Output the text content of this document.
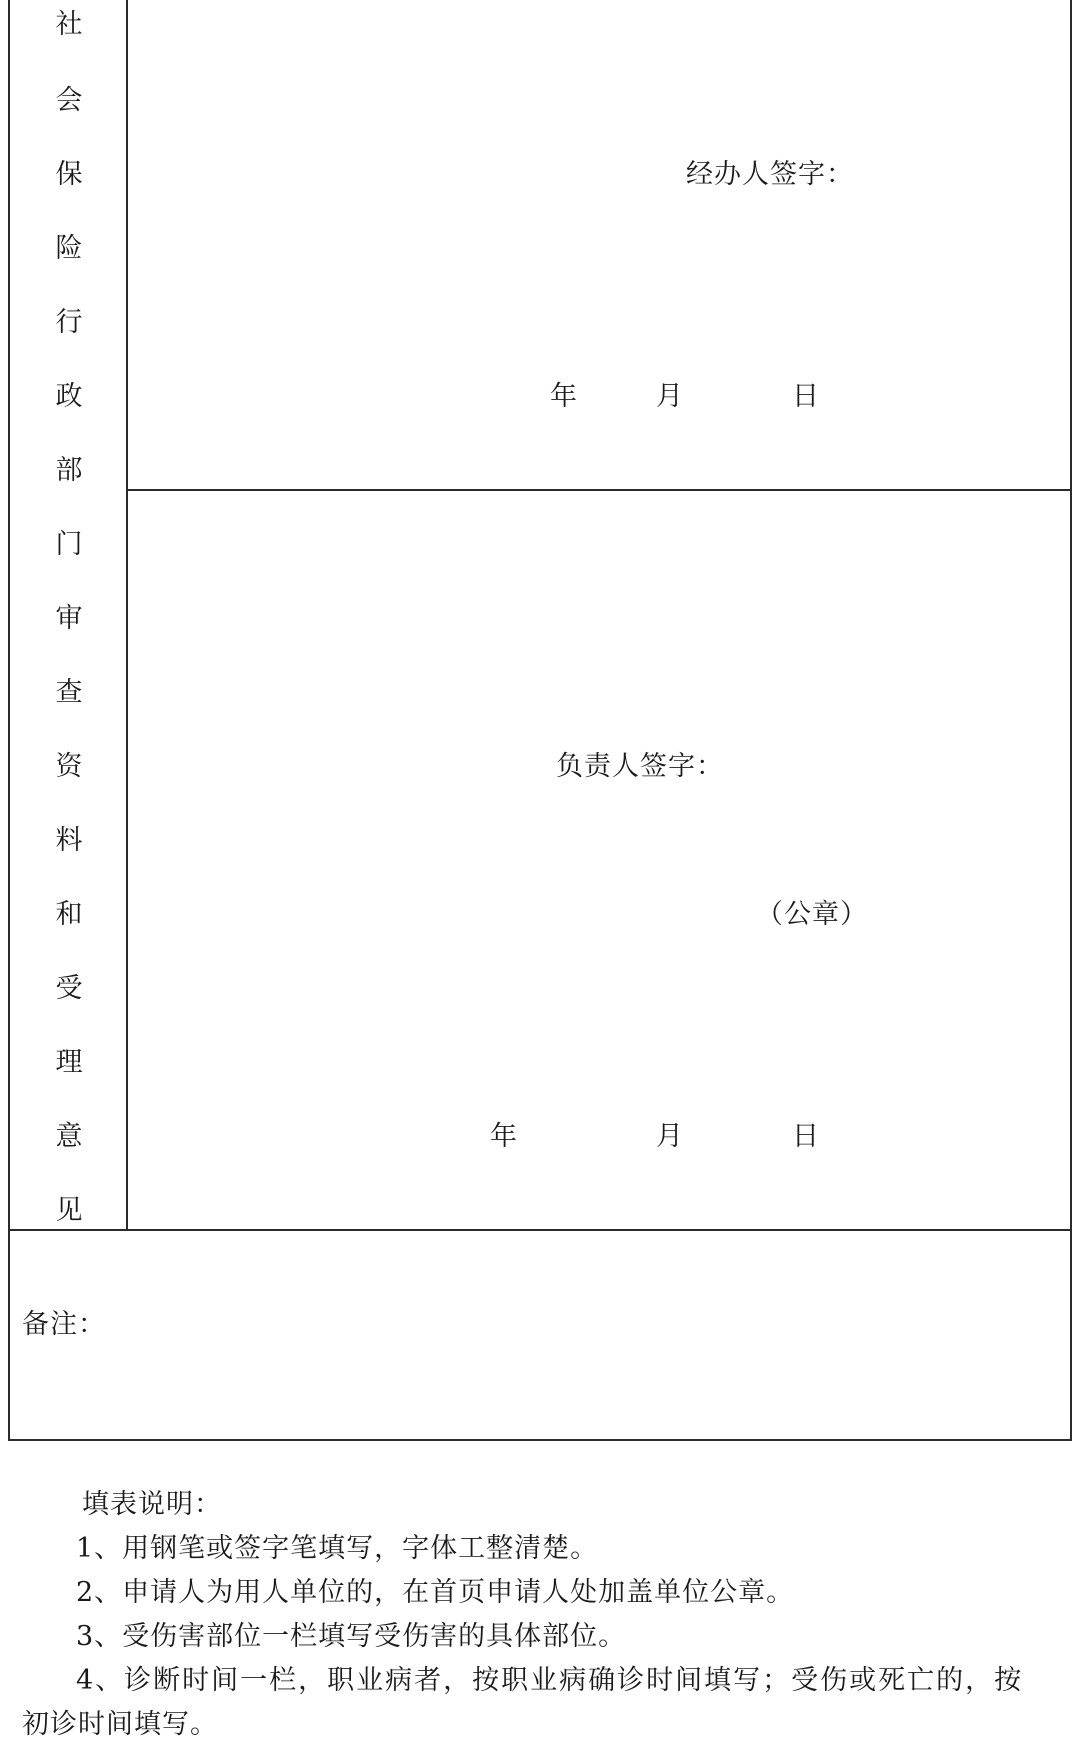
社
会
保
险
行
政
部
门
审
查
资
料
和
受
理
意
见
经办人签字：
年	月	日
负责人签字：
（公章）
年	月	日
备注：
填表说明：
1、用钢笔或签字笔填写，字体工整清楚。
2、申请人为用人单位的，在首页申请人处加盖单位公章。
3、受伤害部位一栏填写受伤害的具体部位。
4、诊断时间一栏，职业病者，按职业病确诊时间填写；受伤或死亡的，按
初诊时间填写。
